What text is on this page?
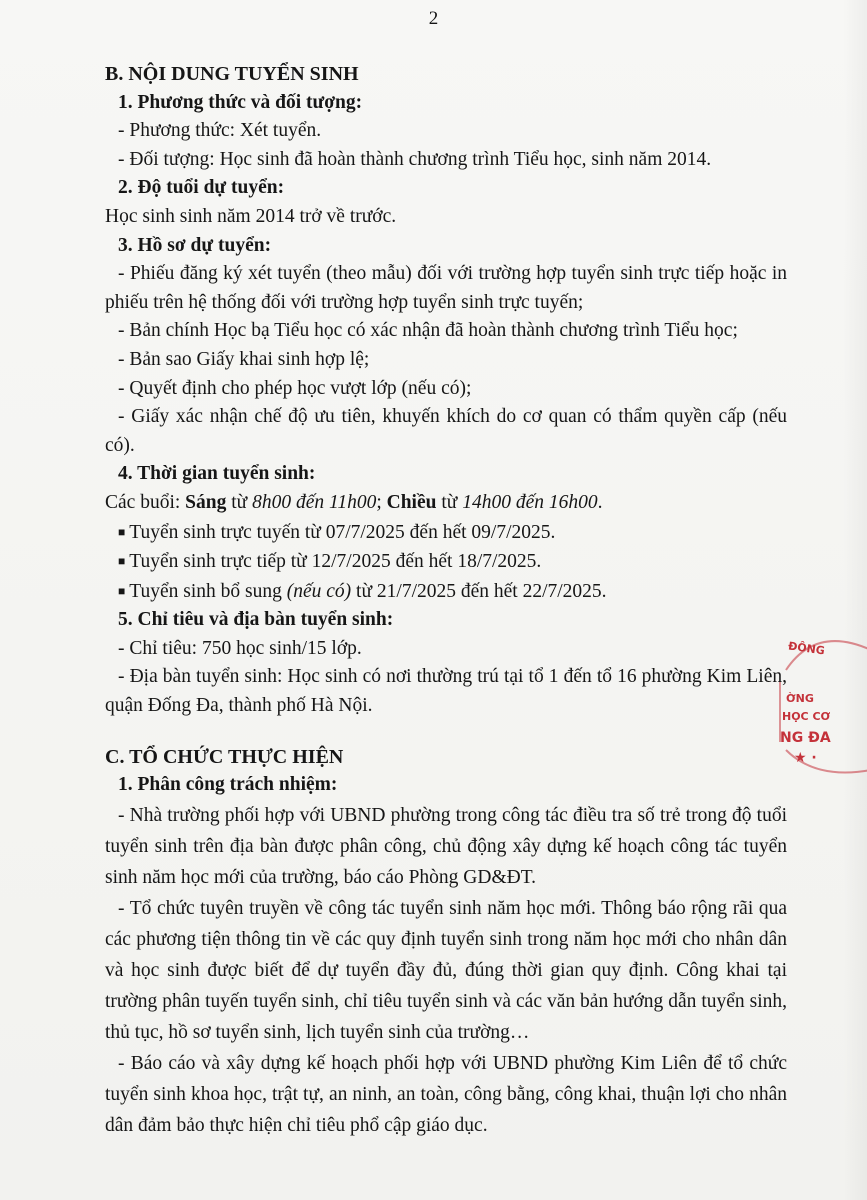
2

B. NỘI DUNG TUYỂN SINH

1. Phương thức và đối tượng:

- Phương thức: Xét tuyển.

- Đối tượng: Học sinh đã hoàn thành chương trình Tiểu học, sinh năm 2014.

2. Độ tuổi dự tuyển:

Học sinh sinh năm 2014 trở về trước.

3. Hồ sơ dự tuyển:

- Phiếu đăng ký xét tuyển (theo mẫu) đối với trường hợp tuyển sinh trực tiếp hoặc in phiếu trên hệ thống đối với trường hợp tuyển sinh trực tuyến;

- Bản chính Học bạ Tiểu học có xác nhận đã hoàn thành chương trình Tiểu học;

- Bản sao Giấy khai sinh hợp lệ;

- Quyết định cho phép học vượt lớp (nếu có);

- Giấy xác nhận chế độ ưu tiên, khuyến khích do cơ quan có thẩm quyền cấp (nếu có).

4. Thời gian tuyển sinh:

Các buổi: Sáng từ 8h00 đến 11h00; Chiều từ 14h00 đến 16h00.

■ Tuyển sinh trực tuyến từ 07/7/2025 đến hết 09/7/2025.

■ Tuyển sinh trực tiếp từ 12/7/2025 đến hết 18/7/2025.

■ Tuyển sinh bổ sung (nếu có) từ 21/7/2025 đến hết 22/7/2025.

5. Chỉ tiêu và địa bàn tuyển sinh:

- Chỉ tiêu: 750 học sinh/15 lớp.

- Địa bàn tuyển sinh: Học sinh có nơi thường trú tại tổ 1 đến tổ 16 phường Kim Liên, quận Đống Đa, thành phố Hà Nội.

C. TỔ CHỨC THỰC HIỆN

1. Phân công trách nhiệm:

- Nhà trường phối hợp với UBND phường trong công tác điều tra số trẻ trong độ tuổi tuyển sinh trên địa bàn được phân công, chủ động xây dựng kế hoạch công tác tuyển sinh năm học mới của trường, báo cáo Phòng GD&ĐT.

- Tổ chức tuyên truyền về công tác tuyển sinh năm học mới. Thông báo rộng rãi qua các phương tiện thông tin về các quy định tuyển sinh trong năm học mới cho nhân dân và học sinh được biết để dự tuyển đầy đủ, đúng thời gian quy định. Công khai tại trường phân tuyến tuyển sinh, chỉ tiêu tuyển sinh và các văn bản hướng dẫn tuyển sinh, thủ tục, hồ sơ tuyển sinh, lịch tuyển sinh của trường…

- Báo cáo và xây dựng kế hoạch phối hợp với UBND phường Kim Liên để tổ chức tuyển sinh khoa học, trật tự, an ninh, an toàn, công bằng, công khai, thuận lợi cho nhân dân đảm bảo thực hiện chỉ tiêu phổ cập giáo dục.

ĐÔNG
ỜNG
HỌC CƠ
NG ĐA
★ ·
